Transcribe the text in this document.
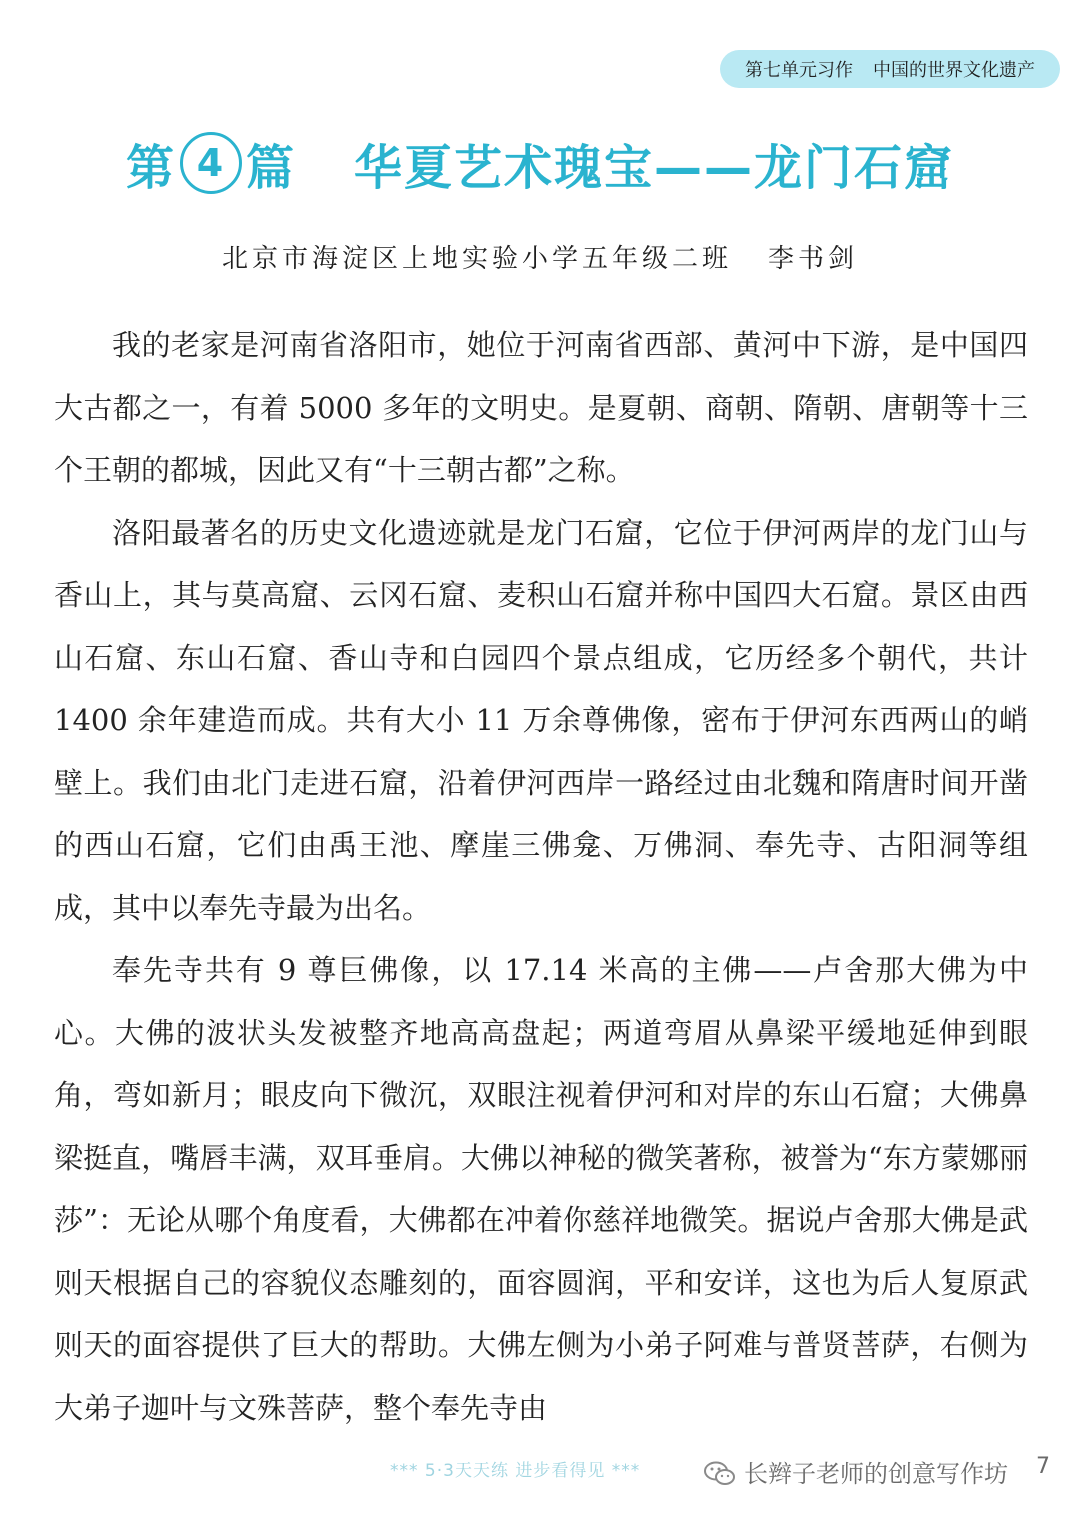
第七单元习作 中国的世界文化遗产
第 4 篇 华夏艺术瑰宝——龙门石窟
北京市海淀区上地实验小学五年级二班 李书剑

我的老家是河南省洛阳市，她位于河南省西部、黄河中下游，是中国四大古都之一，有着 5000 多年的文明史。是夏朝、商朝、隋朝、唐朝等十三个王朝的都城，因此又有“十三朝古都”之称。

洛阳最著名的历史文化遗迹就是龙门石窟，它位于伊河两岸的龙门山与香山上，其与莫高窟、云冈石窟、麦积山石窟并称中国四大石窟。景区由西山石窟、东山石窟、香山寺和白园四个景点组成，它历经多个朝代，共计 1400 余年建造而成。共有大小 11 万余尊佛像，密布于伊河东西两山的峭壁上。我们由北门走进石窟，沿着伊河西岸一路经过由北魏和隋唐时间开凿的西山石窟，它们由禹王池、摩崖三佛龛、万佛洞、奉先寺、古阳洞等组成，其中以奉先寺最为出名。

奉先寺共有 9 尊巨佛像，以 17.14 米高的主佛——卢舍那大佛为中心。大佛的波状头发被整齐地高高盘起；两道弯眉从鼻梁平缓地延伸到眼角，弯如新月；眼皮向下微沉，双眼注视着伊河和对岸的东山石窟；大佛鼻梁挺直，嘴唇丰满，双耳垂肩。大佛以神秘的微笑著称，被誉为“东方蒙娜丽莎”：无论从哪个角度看，大佛都在冲着你慈祥地微笑。据说卢舍那大佛是武则天根据自己的容貌仪态雕刻的，面容圆润，平和安详，这也为后人复原武则天的面容提供了巨大的帮助。大佛左侧为小弟子阿难与普贤菩萨，右侧为大弟子迦叶与文殊菩萨，整个奉先寺由

*** 5·3天天练 进步看得见 ***	长辫子老师的创意写作坊 7
